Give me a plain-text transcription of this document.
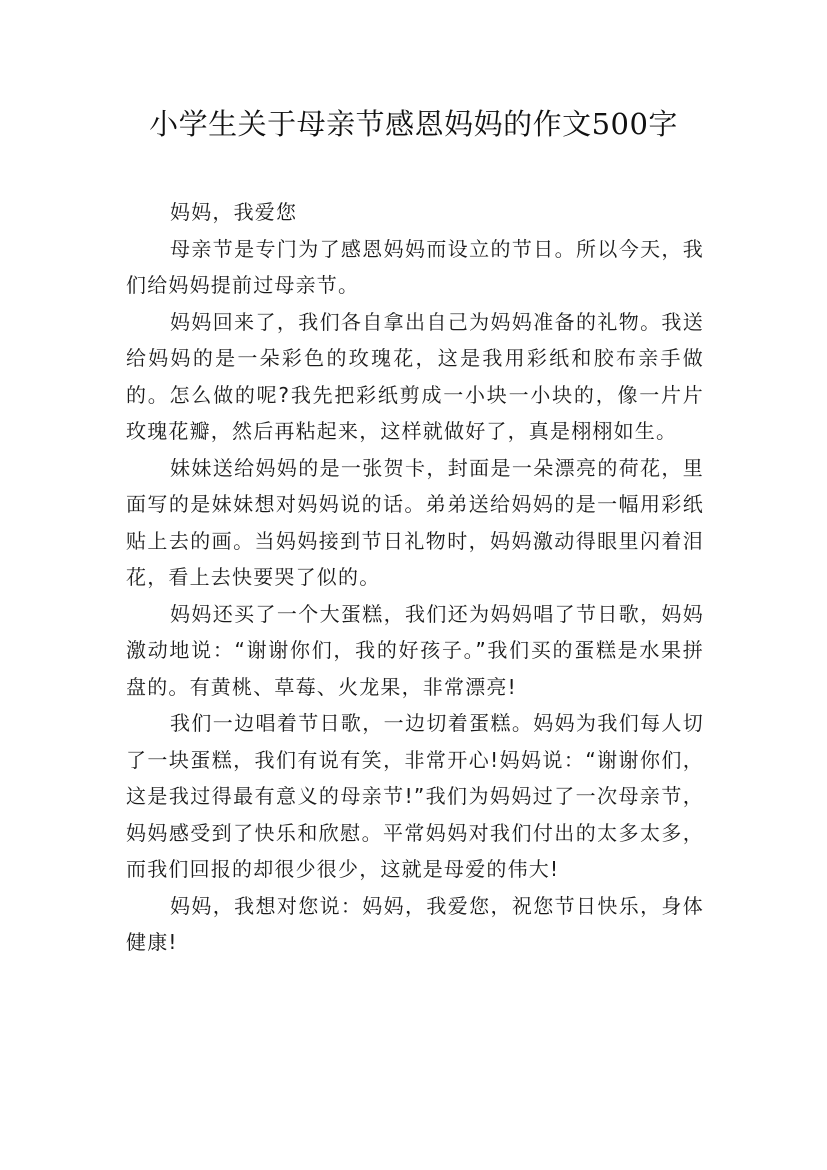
小学生关于母亲节感恩妈妈的作文500字

妈妈，我爱您

母亲节是专门为了感恩妈妈而设立的节日。所以今天，我们给妈妈提前过母亲节。

妈妈回来了，我们各自拿出自己为妈妈准备的礼物。我送给妈妈的是一朵彩色的玫瑰花，这是我用彩纸和胶布亲手做的。怎么做的呢?我先把彩纸剪成一小块一小块的，像一片片玫瑰花瓣，然后再粘起来，这样就做好了，真是栩栩如生。

妹妹送给妈妈的是一张贺卡，封面是一朵漂亮的荷花，里面写的是妹妹想对妈妈说的话。弟弟送给妈妈的是一幅用彩纸贴上去的画。当妈妈接到节日礼物时，妈妈激动得眼里闪着泪花，看上去快要哭了似的。

妈妈还买了一个大蛋糕，我们还为妈妈唱了节日歌，妈妈激动地说：“谢谢你们，我的好孩子。”我们买的蛋糕是水果拼盘的。有黄桃、草莓、火龙果，非常漂亮!

我们一边唱着节日歌，一边切着蛋糕。妈妈为我们每人切了一块蛋糕，我们有说有笑，非常开心!妈妈说：“谢谢你们，这是我过得最有意义的母亲节!”我们为妈妈过了一次母亲节，妈妈感受到了快乐和欣慰。平常妈妈对我们付出的太多太多，而我们回报的却很少很少，这就是母爱的伟大!

妈妈，我想对您说：妈妈，我爱您，祝您节日快乐，身体健康!
